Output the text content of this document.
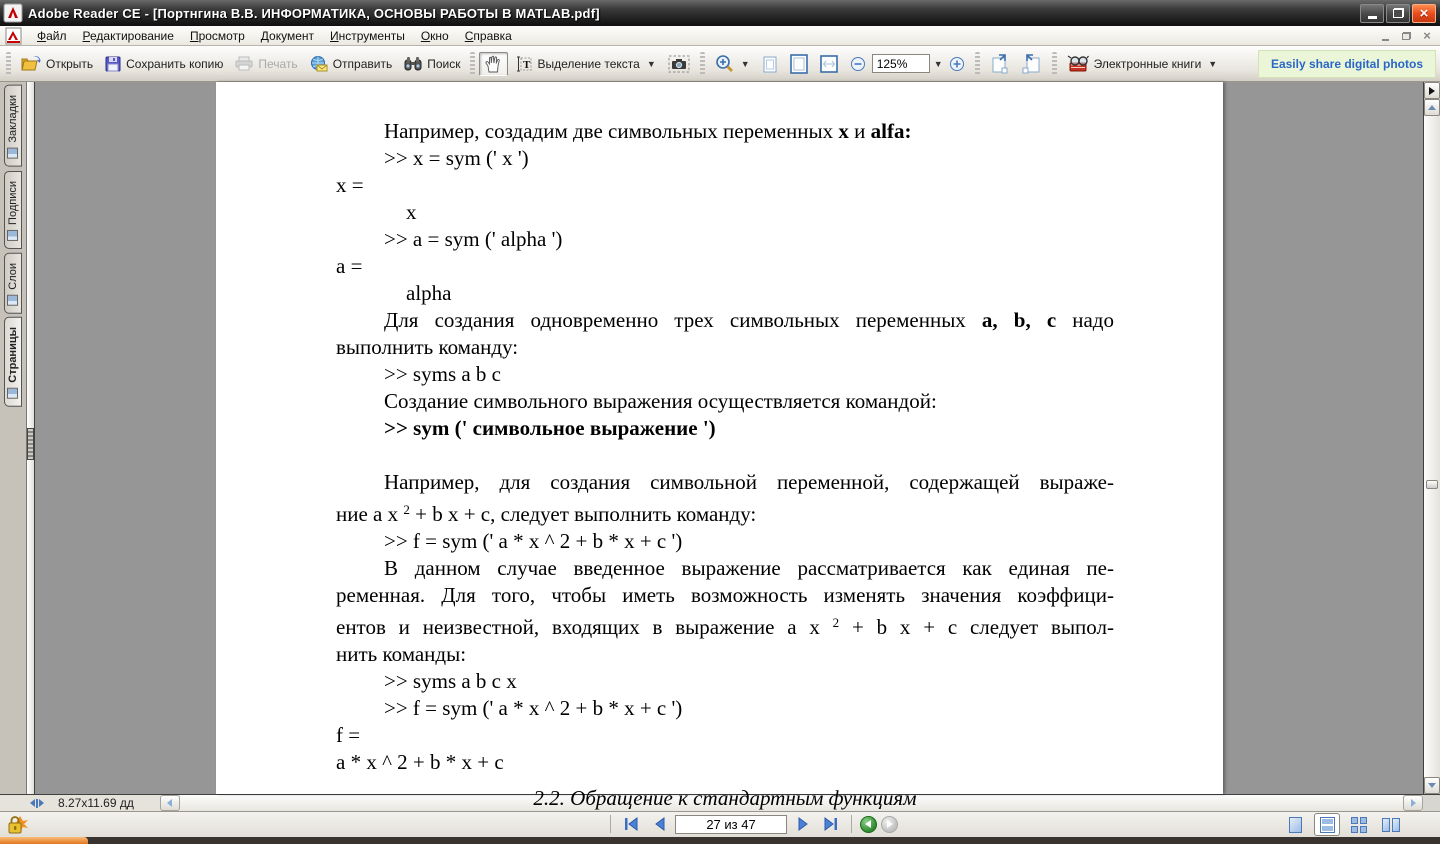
Adobe Reader CE - [Портнгина В.В. ИНФОРМАТИКА, ОСНОВЫ РАБОТЫ В MATLAB.pdf]	×
Файл	Редактирование	Просмотр	Документ	Инструменты	Окно	Справка	×
Открыть	Сохранить копию	Печать	Отправить	Поиск	T Выделение текста ▼	▼
125%	▼	Электронные книги ▼	Easily share digital photos
Закладки
Подписи
Слои
Страницы
Например, создадим две символьных переменных х и alfa:
>> x = sym (' x ')
x =
x
>> a = sym (' alpha ')
a =
alpha
Для создания одновременно трех символьных переменных a, b, c надо
выполнить команду:
>> syms a b c
Создание символьного выражения осуществляется командой:
>> sym (' символьное выражение ')

Например, для создания символьной переменной, содержащей выраже-
ние a x $^2$ + b x + c, следует выполнить команду:
>> f = sym (' a * x ^ 2 + b * x + c ')
В данном случае введенное выражение рассматривается как единая пе-
ременная. Для того, чтобы иметь возможность изменять значения коэффици-
ентов и неизвестной, входящих в выражение a x $^2$ + b x + c следует выпол-
нить команды:
>> syms a b c x
>> f = sym (' a * x ^ 2 + b * x + c ')
f =
a * x ^ 2 + b * x + c
2.2. Обращение к стандартным функциям
8.27x11.69 дд
27 из 47
